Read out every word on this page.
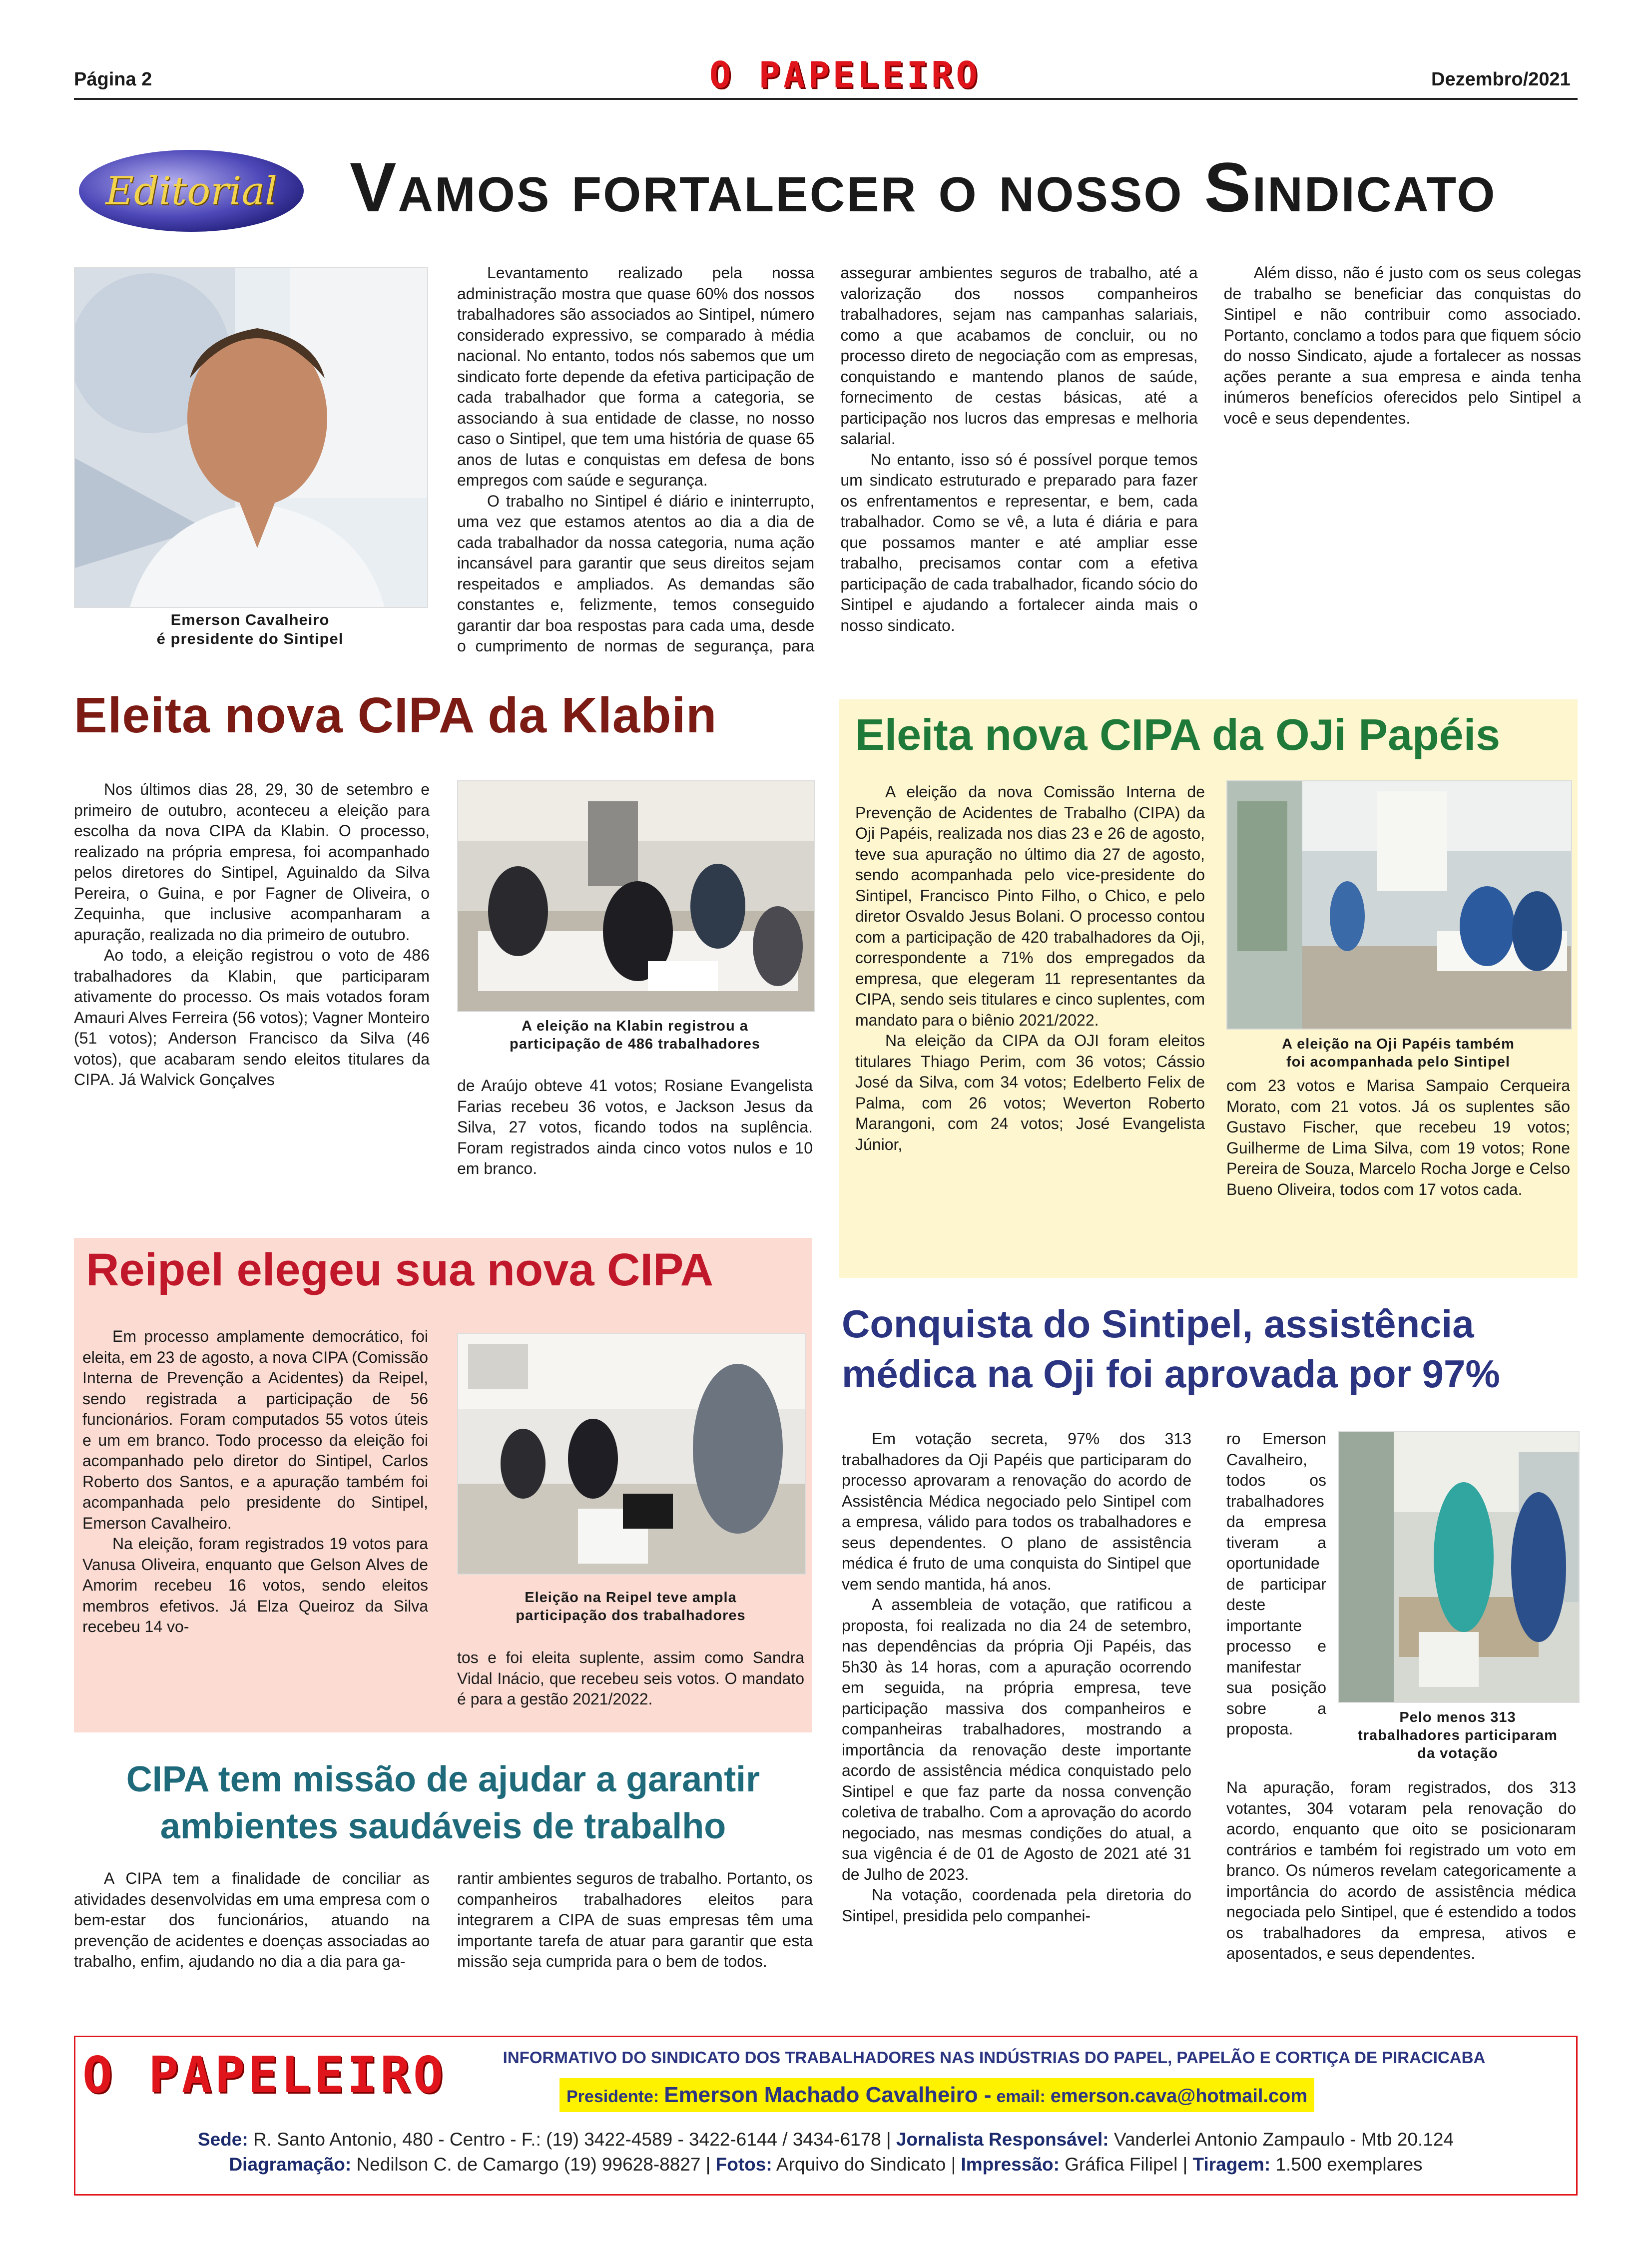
Página 2	O PAPELEIRO	Dezembro/2021
Editorial Vamos fortalecer o nosso Sindicato
Emerson Cavalheiro
é presidente do Sintipel

Levantamento realizado pela nossa administração mostra que quase 60% dos nossos trabalhadores são associados ao Sintipel, número considerado expressivo, se comparado à média nacional. No entanto, todos nós sabemos que um sindicato forte depende da efetiva participação de cada trabalhador que forma a categoria, se associando à sua entidade de classe, no nosso caso o Sintipel, que tem uma história de quase 65 anos de lutas e conquistas em defesa de bons empregos com saúde e segurança.

O trabalho no Sintipel é diário e ininterrupto, uma vez que estamos atentos ao dia a dia de cada trabalhador da nossa categoria, numa ação incansável para garantir que seus direitos sejam respeitados e ampliados. As demandas são constantes e, felizmente, temos conseguido garantir dar boa respostas para cada uma, desde o cumprimento de normas de segurança, para assegurar ambientes seguros de trabalho, até a valorização dos nossos companheiros trabalhadores, sejam nas campanhas salariais, como a que acabamos de concluir, ou no processo direto de negociação com as empresas, conquistando e mantendo planos de saúde, fornecimento de cestas básicas, até a participação nos lucros das empresas e melhoria salarial.

No entanto, isso só é possível porque temos um sindicato estruturado e preparado para fazer os enfrentamentos e representar, e bem, cada trabalhador. Como se vê, a luta é diária e para que possamos manter e até ampliar esse trabalho, precisamos contar com a efetiva participação de cada trabalhador, ficando sócio do Sintipel e ajudando a fortalecer ainda mais o nosso sindicato.

Além disso, não é justo com os seus colegas de trabalho se beneficiar das conquistas do Sintipel e não contribuir como associado. Portanto, conclamo a todos para que fiquem sócio do nosso Sindicato, ajude a fortalecer as nossas ações perante a sua empresa e ainda tenha inúmeros benefícios oferecidos pelo Sintipel a você e seus dependentes.

Eleita nova CIPA da Klabin

Nos últimos dias 28, 29, 30 de setembro e primeiro de outubro, aconteceu a eleição para escolha da nova CIPA da Klabin. O processo, realizado na própria empresa, foi acompanhado pelos diretores do Sintipel, Aguinaldo da Silva Pereira, o Guina, e por Fagner de Oliveira, o Zequinha, que inclusive acompanharam a apuração, realizada no dia primeiro de outubro.

Ao todo, a eleição registrou o voto de 486 trabalhadores da Klabin, que participaram ativamente do processo. Os mais votados foram Amauri Alves Ferreira (56 votos); Vagner Monteiro (51 votos); Anderson Francisco da Silva (46 votos), que acabaram sendo eleitos titulares da CIPA. Já Walvick Gonçalves

A eleição na Klabin registrou a
participação de 486 trabalhadores

de Araújo obteve 41 votos; Rosiane Evangelista Farias recebeu 36 votos, e Jackson Jesus da Silva, 27 votos, ficando todos na suplência. Foram registrados ainda cinco votos nulos e 10 em branco.

Eleita nova CIPA da OJi Papéis

A eleição da nova Comissão Interna de Prevenção de Acidentes de Trabalho (CIPA) da Oji Papéis, realizada nos dias 23 e 26 de agosto, teve sua apuração no último dia 27 de agosto, sendo acompanhada pelo vice-presidente do Sintipel, Francisco Pinto Filho, o Chico, e pelo diretor Osvaldo Jesus Bolani. O processo contou com a participação de 420 trabalhadores da Oji, correspondente a 71% dos empregados da empresa, que elegeram 11 representantes da CIPA, sendo seis titulares e cinco suplentes, com mandato para o biênio 2021/2022.

Na eleição da CIPA da OJI foram eleitos titulares Thiago Perim, com 36 votos; Cássio José da Silva, com 34 votos; Edelberto Felix de Palma, com 26 votos; Weverton Roberto Marangoni, com 24 votos; José Evangelista Júnior,

A eleição na Oji Papéis também
foi acompanhada pelo Sintipel

com 23 votos e Marisa Sampaio Cerqueira Morato, com 21 votos. Já os suplentes são Gustavo Fischer, que recebeu 19 votos; Guilherme de Lima Silva, com 19 votos; Rone Pereira de Souza, Marcelo Rocha Jorge e Celso Bueno Oliveira, todos com 17 votos cada.

Reipel elegeu sua nova CIPA

Em processo amplamente democrático, foi eleita, em 23 de agosto, a nova CIPA (Comissão Interna de Prevenção a Acidentes) da Reipel, sendo registrada a participação de 56 funcionários. Foram computados 55 votos úteis e um em branco. Todo processo da eleição foi acompanhado pelo diretor do Sintipel, Carlos Roberto dos Santos, e a apuração também foi acompanhada pelo presidente do Sintipel, Emerson Cavalheiro.

Na eleição, foram registrados 19 votos para Vanusa Oliveira, enquanto que Gelson Alves de Amorim recebeu 16 votos, sendo eleitos membros efetivos. Já Elza Queiroz da Silva recebeu 14 vo-

Eleição na Reipel teve ampla
participação dos trabalhadores

tos e foi eleita suplente, assim como Sandra Vidal Inácio, que recebeu seis votos. O mandato é para a gestão 2021/2022.

Conquista do Sintipel, assistência
médica na Oji foi aprovada por 97%

Em votação secreta, 97% dos 313 trabalhadores da Oji Papéis que participaram do processo aprovaram a renovação do acordo de Assistência Médica negociado pelo Sintipel com a empresa, válido para todos os trabalhadores e seus dependentes. O plano de assistência médica é fruto de uma conquista do Sintipel que vem sendo mantida, há anos.

A assembleia de votação, que ratificou a proposta, foi realizada no dia 24 de setembro, nas dependências da própria Oji Papéis, das 5h30 às 14 horas, com a apuração ocorrendo em seguida, na própria empresa, teve participação massiva dos companheiros e companheiras trabalhadores, mostrando a importância da renovação deste importante acordo de assistência médica conquistado pelo Sintipel e que faz parte da nossa convenção coletiva de trabalho. Com a aprovação do acordo negociado, nas mesmas condições do atual, a sua vigência é de 01 de Agosto de 2021 até 31 de Julho de 2023.

Na votação, coordenada pela diretoria do Sintipel, presidida pelo companhei-

ro Emerson Cavalheiro, todos os trabalhadores da empresa tiveram a oportunidade de participar deste importante processo e manifestar sua posição sobre a proposta.

Pelo menos 313
trabalhadores participaram
da votação

Na apuração, foram registrados, dos 313 votantes, 304 votaram pela renovação do acordo, enquanto que oito se posicionaram contrários e também foi registrado um voto em branco. Os números revelam categoricamente a importância do acordo de assistência médica negociada pelo Sintipel, que é estendido a todos os trabalhadores da empresa, ativos e aposentados, e seus dependentes.

CIPA tem missão de ajudar a garantir
ambientes saudáveis de trabalho

A CIPA tem a finalidade de conciliar as atividades desenvolvidas em uma empresa com o bem-estar dos funcionários, atuando na prevenção de acidentes e doenças associadas ao trabalho, enfim, ajudando no dia a dia para ga-

rantir ambientes seguros de trabalho. Portanto, os companheiros trabalhadores eleitos para integrarem a CIPA de suas empresas têm uma importante tarefa de atuar para garantir que esta missão seja cumprida para o bem de todos.

O PAPELEIRO	INFORMATIVO DO SINDICATO DOS TRABALHADORES NAS INDÚSTRIAS DO PAPEL, PAPELÃO E CORTIÇA DE PIRACICABA
Presidente: Emerson Machado Cavalheiro - email: emerson.cava@hotmail.com
Sede: R. Santo Antonio, 480 - Centro - F.: (19) 3422-4589 - 3422-6144 / 3434-6178 | Jornalista Responsável: Vanderlei Antonio Zampaulo - Mtb 20.124
Diagramação: Nedilson C. de Camargo (19) 99628-8827 | Fotos: Arquivo do Sindicato | Impressão: Gráfica Filipel | Tiragem: 1.500 exemplares
